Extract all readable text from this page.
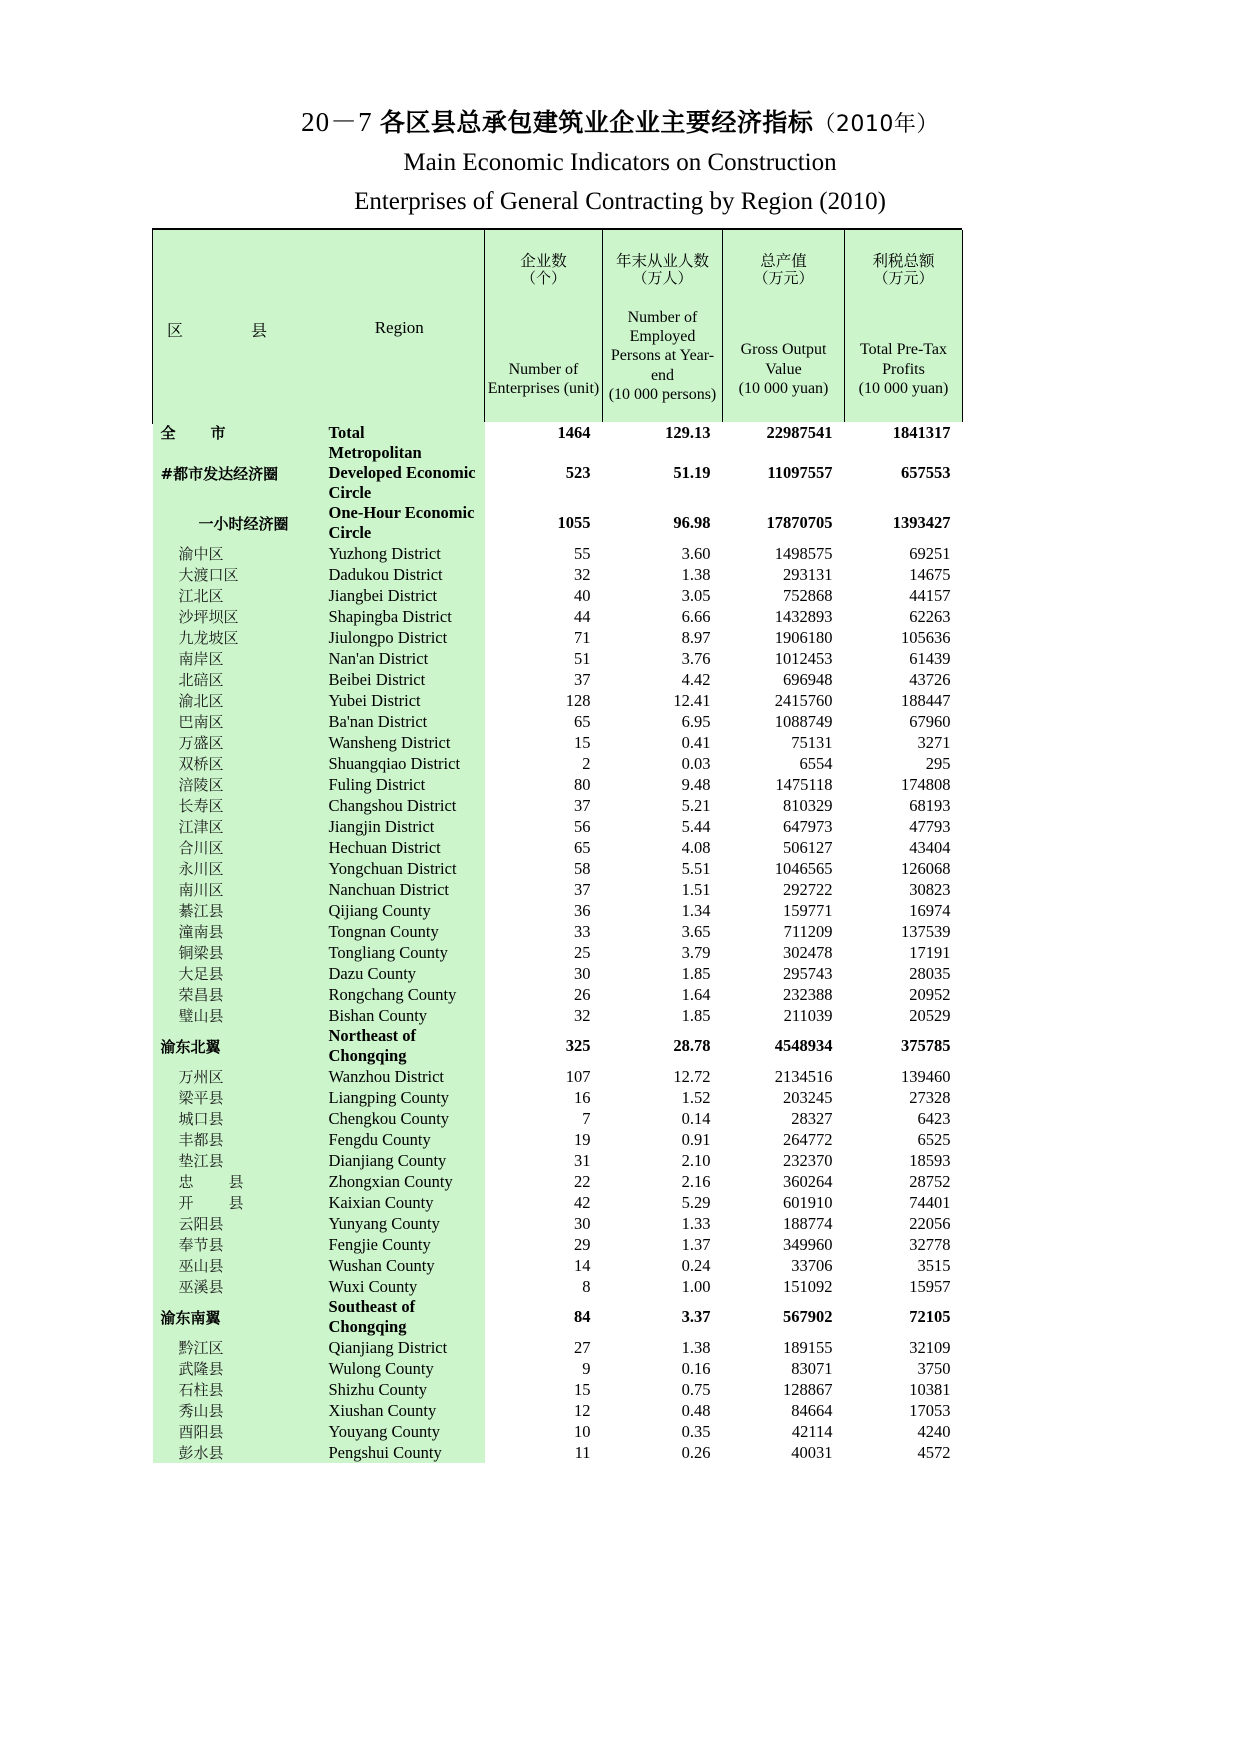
20－7 各区县总承包建筑业企业主要经济指标（2010年）
Main Economic Indicators on Construction
Enterprises of General Contracting by Region (2010)
区　县	Region

企业数
（个）
Number of Enterprises (unit)

年末从业人数
（万人）
Number of Employed Persons at Year-end
(10 000 persons)

总产值
（万元）
Gross Output Value
(10 000 yuan)

利税总额
（万元）
Total Pre-Tax Profits
(10 000 yuan)

全　市	Total	1464	129.13	22987541	1841317
#都市发达经济圈	Metropolitan Developed Economic Circle	523	51.19	11097557	657553
一小时经济圈	One-Hour Economic Circle	1055	96.98	17870705	1393427
渝中区	Yuzhong District	55	3.60	1498575	69251
大渡口区	Dadukou District	32	1.38	293131	14675
江北区	Jiangbei District	40	3.05	752868	44157
沙坪坝区	Shapingba District	44	6.66	1432893	62263
九龙坡区	Jiulongpo District	71	8.97	1906180	105636
南岸区	Nan'an District	51	3.76	1012453	61439
北碚区	Beibei District	37	4.42	696948	43726
渝北区	Yubei District	128	12.41	2415760	188447
巴南区	Ba'nan District	65	6.95	1088749	67960
万盛区	Wansheng District	15	0.41	75131	3271
双桥区	Shuangqiao District	2	0.03	6554	295
涪陵区	Fuling District	80	9.48	1475118	174808
长寿区	Changshou District	37	5.21	810329	68193
江津区	Jiangjin District	56	5.44	647973	47793
合川区	Hechuan District	65	4.08	506127	43404
永川区	Yongchuan District	58	5.51	1046565	126068
南川区	Nanchuan District	37	1.51	292722	30823
綦江县	Qijiang County	36	1.34	159771	16974
潼南县	Tongnan County	33	3.65	711209	137539
铜梁县	Tongliang County	25	3.79	302478	17191
大足县	Dazu County	30	1.85	295743	28035
荣昌县	Rongchang County	26	1.64	232388	20952
璧山县	Bishan County	32	1.85	211039	20529
渝东北翼	Northeast of Chongqing	325	28.78	4548934	375785
万州区	Wanzhou District	107	12.72	2134516	139460
梁平县	Liangping County	16	1.52	203245	27328
城口县	Chengkou County	7	0.14	28327	6423
丰都县	Fengdu County	19	0.91	264772	6525
垫江县	Dianjiang County	31	2.10	232370	18593
忠　县	Zhongxian County	22	2.16	360264	28752
开　县	Kaixian County	42	5.29	601910	74401
云阳县	Yunyang County	30	1.33	188774	22056
奉节县	Fengjie County	29	1.37	349960	32778
巫山县	Wushan County	14	0.24	33706	3515
巫溪县	Wuxi County	8	1.00	151092	15957
渝东南翼	Southeast of Chongqing	84	3.37	567902	72105
黔江区	Qianjiang District	27	1.38	189155	32109
武隆县	Wulong County	9	0.16	83071	3750
石柱县	Shizhu County	15	0.75	128867	10381
秀山县	Xiushan County	12	0.48	84664	17053
酉阳县	Youyang County	10	0.35	42114	4240
彭水县	Pengshui County	11	0.26	40031	4572
